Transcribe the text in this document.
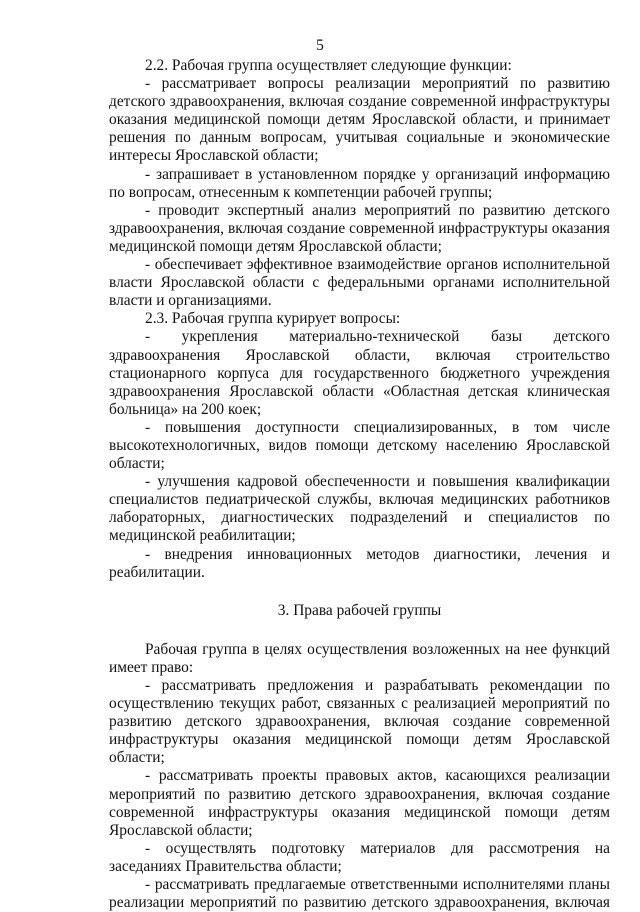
5

2.2. Рабочая группа осуществляет следующие функции:

- рассматривает вопросы реализации мероприятий по развитию детского здравоохранения, включая создание современной инфраструктуры оказания медицинской помощи детям Ярославской области, и принимает решения по данным вопросам, учитывая социальные и экономические интересы Ярославской области;

- запрашивает в установленном порядке у организаций информацию по вопросам, отнесенным к компетенции рабочей группы;

- проводит экспертный анализ мероприятий по развитию детского здравоохранения, включая создание современной инфраструктуры оказания медицинской помощи детям Ярославской области;

- обеспечивает эффективное взаимодействие органов исполнительной власти Ярославской области с федеральными органами исполнительной власти и организациями.

2.3. Рабочая группа курирует вопросы:

- укрепления материально-технической базы детского здравоохранения Ярославской области, включая строительство стационарного корпуса для государственного бюджетного учреждения здравоохранения Ярославской области «Областная детская клиническая больница» на 200 коек;

- повышения доступности специализированных, в том числе высокотехнологичных, видов помощи детскому населению Ярославской области;

- улучшения кадровой обеспеченности и повышения квалификации специалистов педиатрической службы, включая медицинских работников лабораторных, диагностических подразделений и специалистов по медицинской реабилитации;

- внедрения инновационных методов диагностики, лечения и реабилитации.

3. Права рабочей группы

Рабочая группа в целях осуществления возложенных на нее функций имеет право:

- рассматривать предложения и разрабатывать рекомендации по осуществлению текущих работ, связанных с реализацией мероприятий по развитию детского здравоохранения, включая создание современной инфраструктуры оказания медицинской помощи детям Ярославской области;

- рассматривать проекты правовых актов, касающихся реализации мероприятий по развитию детского здравоохранения, включая создание современной инфраструктуры оказания медицинской помощи детям Ярославской области;

- осуществлять подготовку материалов для рассмотрения на заседаниях Правительства области;

- рассматривать предлагаемые ответственными исполнителями планы реализации мероприятий по развитию детского здравоохранения, включая
